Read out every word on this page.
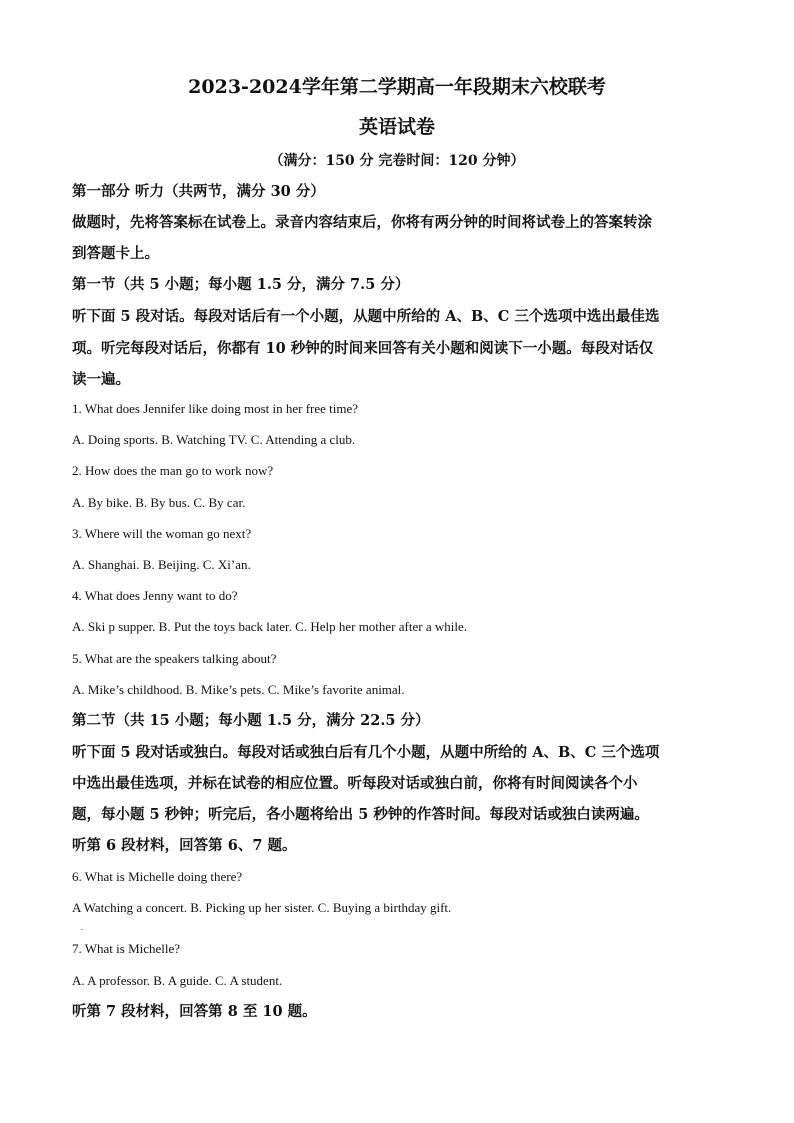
2023-2024学年第二学期高一年段期末六校联考

英语试卷

（满分：150 分 完卷时间：120 分钟）

第一部分 听力（共两节，满分 30 分）

做题时，先将答案标在试卷上。录音内容结束后，你将有两分钟的时间将试卷上的答案转涂

到答题卡上。

第一节（共 5 小题；每小题 1.5 分，满分 7.5 分）

听下面 5 段对话。每段对话后有一个小题，从题中所给的 A、B、C 三个选项中选出最佳选

项。听完每段对话后，你都有 10 秒钟的时间来回答有关小题和阅读下一小题。每段对话仅

读一遍。

1. What does Jennifer like doing most in her free time?

A. Doing sports. B. Watching TV. C. Attending a club.

2. How does the man go to work now?

A. By bike. B. By bus. C. By car.

3. Where will the woman go next?

A. Shanghai. B. Beijing. C. Xi’an.

4. What does Jenny want to do?

A. Ski p supper. B. Put the toys back later. C. Help her mother after a while.

5. What are the speakers talking about?

A. Mike’s childhood. B. Mike’s pets. C. Mike’s favorite animal.

第二节（共 15 小题；每小题 1.5 分，满分 22.5 分）

听下面 5 段对话或独白。每段对话或独白后有几个小题，从题中所给的 A、B、C 三个选项

中选出最佳选项，并标在试卷的相应位置。听每段对话或独白前，你将有时间阅读各个小

题，每小题 5 秒钟；听完后，各小题将给出 5 秒钟的作答时间。每段对话或独白读两遍。

听第 6 段材料，回答第 6、7 题。

6. What is Michelle doing there?

A Watching a concert. B. Picking up her sister. C. Buying a birthday gift.

.

7. What is Michelle?

A. A professor. B. A guide. C. A student.

听第 7 段材料，回答第 8 至 10 题。
